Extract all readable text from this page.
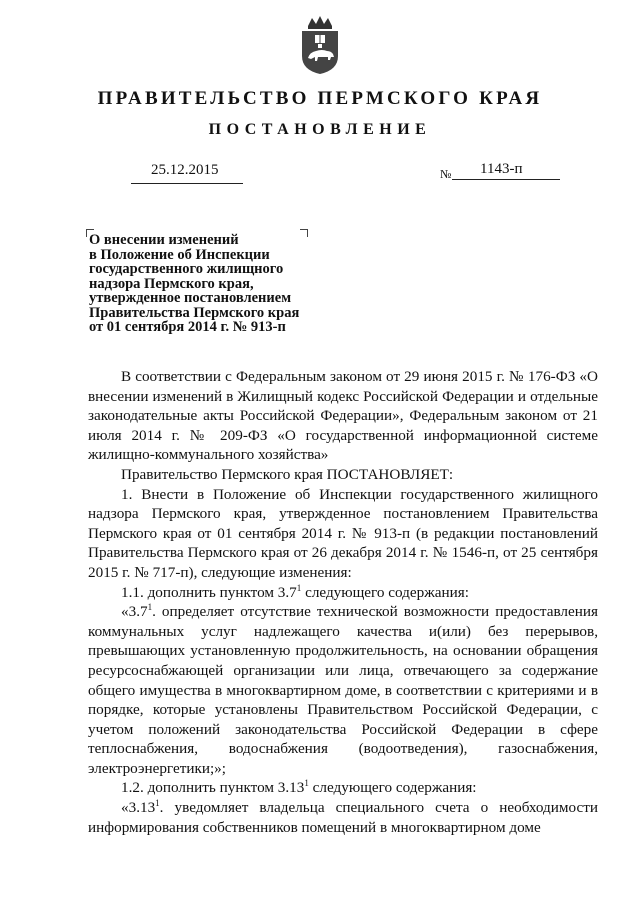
ПРАВИТЕЛЬСТВО ПЕРМСКОГО КРАЯ
ПОСТАНОВЛЕНИЕ
25.12.2015	№ 1143-п
О внесении изменений
в Положение об Инспекции
государственного жилищного
надзора Пермского края,
утвержденное постановлением
Правительства Пермского края
от 01 сентября 2014 г. № 913-п

В соответствии с Федеральным законом от 29 июня 2015 г. № 176-ФЗ «О внесении изменений в Жилищный кодекс Российской Федерации и отдельные законодательные акты Российской Федерации», Федеральным законом от 21 июля 2014 г. № 209-ФЗ «О государственной информационной системе жилищно-коммунального хозяйства»

Правительство Пермского края ПОСТАНОВЛЯЕТ:

1. Внести в Положение об Инспекции государственного жилищного надзора Пермского края, утвержденное постановлением Правительства Пермского края от 01 сентября 2014 г. № 913-п (в редакции постановлений Правительства Пермского края от 26 декабря 2014 г. № 1546-п, от 25 сентября 2015 г. № 717-п), следующие изменения:

1.1. дополнить пунктом $3.7^1$ следующего содержания:

«$3.7^1$. определяет отсутствие технической возможности предоставления коммунальных услуг надлежащего качества и(или) без перерывов, превышающих установленную продолжительность, на основании обращения ресурсоснабжающей организации или лица, отвечающего за содержание общего имущества в многоквартирном доме, в соответствии с критериями и в порядке, которые установлены Правительством Российской Федерации, с учетом положений законодательства Российской Федерации в сфере теплоснабжения, водоснабжения (водоотведения), газоснабжения, электроэнергетики;»;

1.2. дополнить пунктом 3.13$^1$ следующего содержания:

«3.13$^1$. уведомляет владельца специального счета о необходимости информирования собственников помещений в многоквартирном доме
